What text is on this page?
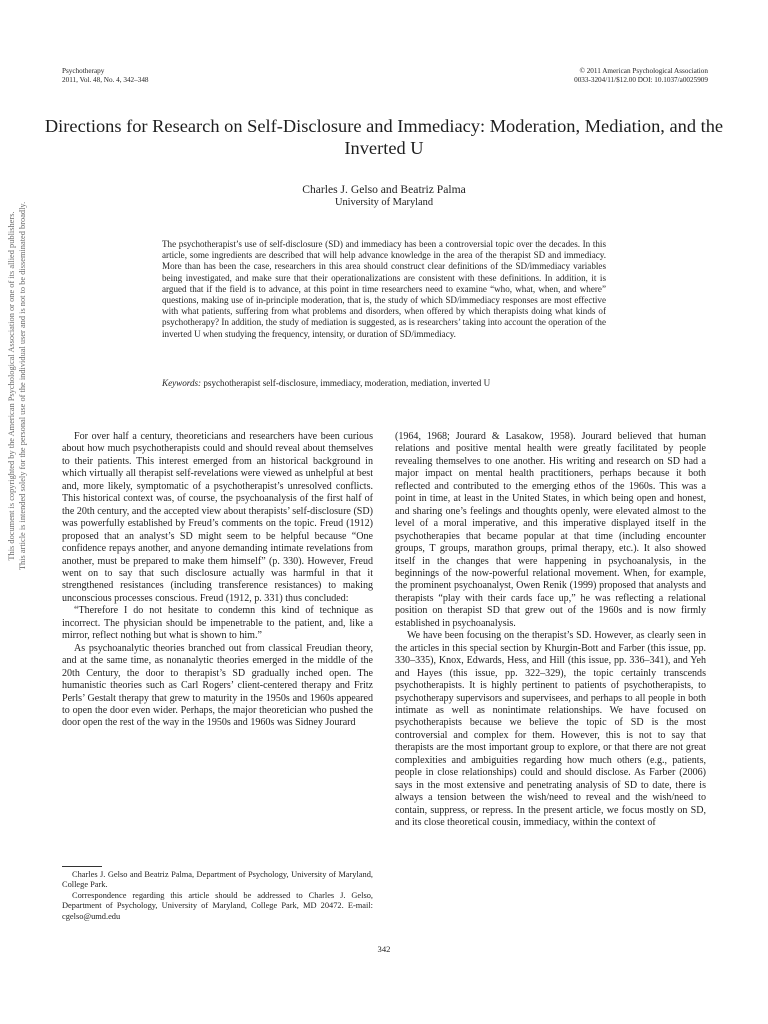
Psychotherapy
2011, Vol. 48, No. 4, 342–348
© 2011 American Psychological Association
0033-3204/11/$12.00 DOI: 10.1037/a0025909
Directions for Research on Self-Disclosure and Immediacy: Moderation, Mediation, and the Inverted U
Charles J. Gelso and Beatriz Palma
University of Maryland
The psychotherapist’s use of self-disclosure (SD) and immediacy has been a controversial topic over the decades. In this article, some ingredients are described that will help advance knowledge in the area of the therapist SD and immediacy. More than has been the case, researchers in this area should construct clear definitions of the SD/immediacy variables being investigated, and make sure that their operationalizations are consistent with these definitions. In addition, it is argued that if the field is to advance, at this point in time researchers need to examine “who, what, when, and where” questions, making use of in-principle moderation, that is, the study of which SD/immediacy responses are most effective with what patients, suffering from what problems and disorders, when offered by which therapists doing what kinds of psychotherapy? In addition, the study of mediation is suggested, as is researchers’ taking into account the operation of the inverted U when studying the frequency, intensity, or duration of SD/immediacy.
Keywords: psychotherapist self-disclosure, immediacy, moderation, mediation, inverted U

For over half a century, theoreticians and researchers have been curious about how much psychotherapists could and should reveal about themselves to their patients. This interest emerged from an historical background in which virtually all therapist self-revelations were viewed as unhelpful at best and, more likely, symptomatic of a psychotherapist’s unresolved conflicts. This historical context was, of course, the psychoanalysis of the first half of the 20th century, and the accepted view about therapists’ self-disclosure (SD) was powerfully established by Freud’s comments on the topic. Freud (1912) proposed that an analyst’s SD might seem to be helpful because “One confidence repays another, and anyone demanding intimate revelations from another, must be prepared to make them himself” (p. 330). However, Freud went on to say that such disclosure actually was harmful in that it strengthened resistances (including transference resistances) to making unconscious processes conscious. Freud (1912, p. 331) thus concluded:

“Therefore I do not hesitate to condemn this kind of technique as incorrect. The physician should be impenetrable to the patient, and, like a mirror, reflect nothing but what is shown to him.”

As psychoanalytic theories branched out from classical Freudian theory, and at the same time, as nonanalytic theories emerged in the middle of the 20th Century, the door to therapist’s SD gradually inched open. The humanistic theories such as Carl Rogers’ client-centered therapy and Fritz Perls’ Gestalt therapy that grew to maturity in the 1950s and 1960s appeared to open the door even wider. Perhaps, the major theoretician who pushed the door open the rest of the way in the 1950s and 1960s was Sidney Jourard

(1964, 1968; Jourard & Lasakow, 1958). Jourard believed that human relations and positive mental health were greatly facilitated by people revealing themselves to one another. His writing and research on SD had a major impact on mental health practitioners, perhaps because it both reflected and contributed to the emerging ethos of the 1960s. This was a point in time, at least in the United States, in which being open and honest, and sharing one’s feelings and thoughts openly, were elevated almost to the level of a moral imperative, and this imperative displayed itself in the psychotherapies that became popular at that time (including encounter groups, T groups, marathon groups, primal therapy, etc.). It also showed itself in the changes that were happening in psychoanalysis, in the beginnings of the now-powerful relational movement. When, for example, the prominent psychoanalyst, Owen Renik (1999) proposed that analysts and therapists “play with their cards face up,” he was reflecting a relational position on therapist SD that grew out of the 1960s and is now firmly established in psychoanalysis.

We have been focusing on the therapist’s SD. However, as clearly seen in the articles in this special section by Khurgin-Bott and Farber (this issue, pp. 330–335), Knox, Edwards, Hess, and Hill (this issue, pp. 336–341), and Yeh and Hayes (this issue, pp. 322–329), the topic certainly transcends psychotherapists. It is highly pertinent to patients of psychotherapists, to psychotherapy supervisors and supervisees, and perhaps to all people in both intimate as well as nonintimate relationships. We have focused on psychotherapists because we believe the topic of SD is the most controversial and complex for them. However, this is not to say that therapists are the most important group to explore, or that there are not great complexities and ambiguities regarding how much others (e.g., patients, people in close relationships) could and should disclose. As Farber (2006) says in the most extensive and penetrating analysis of SD to date, there is always a tension between the wish/need to reveal and the wish/need to contain, suppress, or repress. In the present article, we focus mostly on SD, and its close theoretical cousin, immediacy, within the context of

Charles J. Gelso and Beatriz Palma, Department of Psychology, University of Maryland, College Park.

Correspondence regarding this article should be addressed to Charles J. Gelso, Department of Psychology, University of Maryland, College Park, MD 20472. E-mail: cgelso@umd.edu

342
This document is copyrighted by the American Psychological Association or one of its allied publishers. This article is intended solely for the personal use of the individual user and is not to be disseminated broadly.
